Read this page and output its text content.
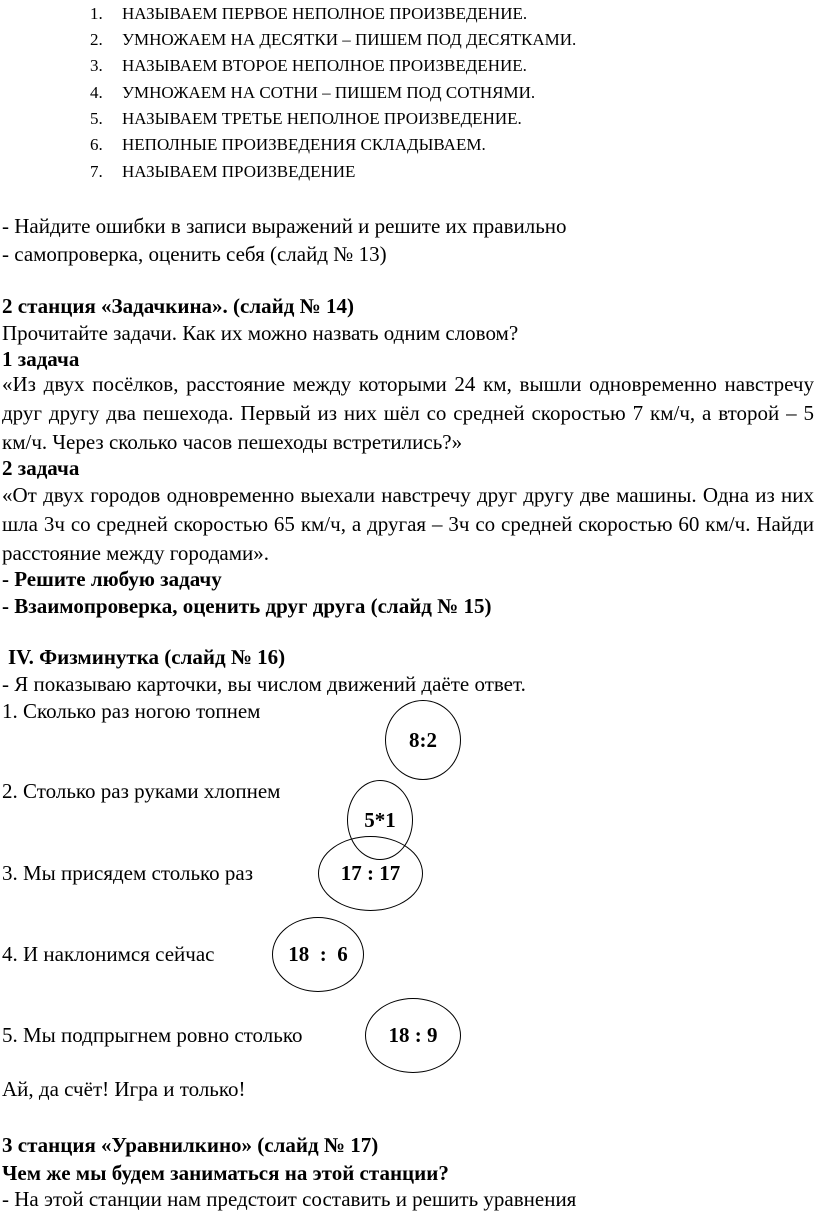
1. НАЗЫВАЕМ ПЕРВОЕ НЕПОЛНОЕ ПРОИЗВЕДЕНИЕ.
2. УМНОЖАЕМ НА ДЕСЯТКИ – ПИШЕМ ПОД ДЕСЯТКАМИ.
3. НАЗЫВАЕМ ВТОРОЕ НЕПОЛНОЕ ПРОИЗВЕДЕНИЕ.
4. УМНОЖАЕМ НА СОТНИ – ПИШЕМ ПОД СОТНЯМИ.
5. НАЗЫВАЕМ ТРЕТЬЕ НЕПОЛНОЕ ПРОИЗВЕДЕНИЕ.
6. НЕПОЛНЫЕ ПРОИЗВЕДЕНИЯ СКЛАДЫВАЕМ.
7. НАЗЫВАЕМ ПРОИЗВЕДЕНИЕ
- Найдите ошибки в записи выражений и решите их правильно
- самопроверка, оценить себя (слайд № 13)
2 станция «Задачкина». (слайд № 14)
Прочитайте задачи. Как их можно назвать одним словом?
1 задача
«Из двух посёлков, расстояние между которыми 24 км, вышли одновременно навстречу друг другу два пешехода. Первый из них шёл со средней скоростью 7 км/ч, а второй – 5 км/ч. Через сколько часов пешеходы встретились?»
2 задача
«От двух городов одновременно выехали навстречу друг другу две машины. Одна из них шла 3ч со средней скоростью 65 км/ч, а другая – 3ч со средней скоростью 60 км/ч. Найди расстояние между городами».
- Решите любую задачу
- Взаимопроверка, оценить друг друга (слайд № 15)
IV. Физминутка (слайд № 16)
- Я показываю карточки, вы числом движений даёте ответ.
1. Сколько раз ногою топнем
8:2
2. Столько раз руками хлопнем
5*1
3. Мы присядем столько раз	17 : 17
4. И наклонимся сейчас	18  :  6
5. Мы подпрыгнем ровно столько	18 : 9
Ай, да счёт! Игра и только!
3 станция «Уравнилкино» (слайд № 17)
Чем же мы будем заниматься на этой станции?
- На этой станции нам предстоит составить и решить уравнения
